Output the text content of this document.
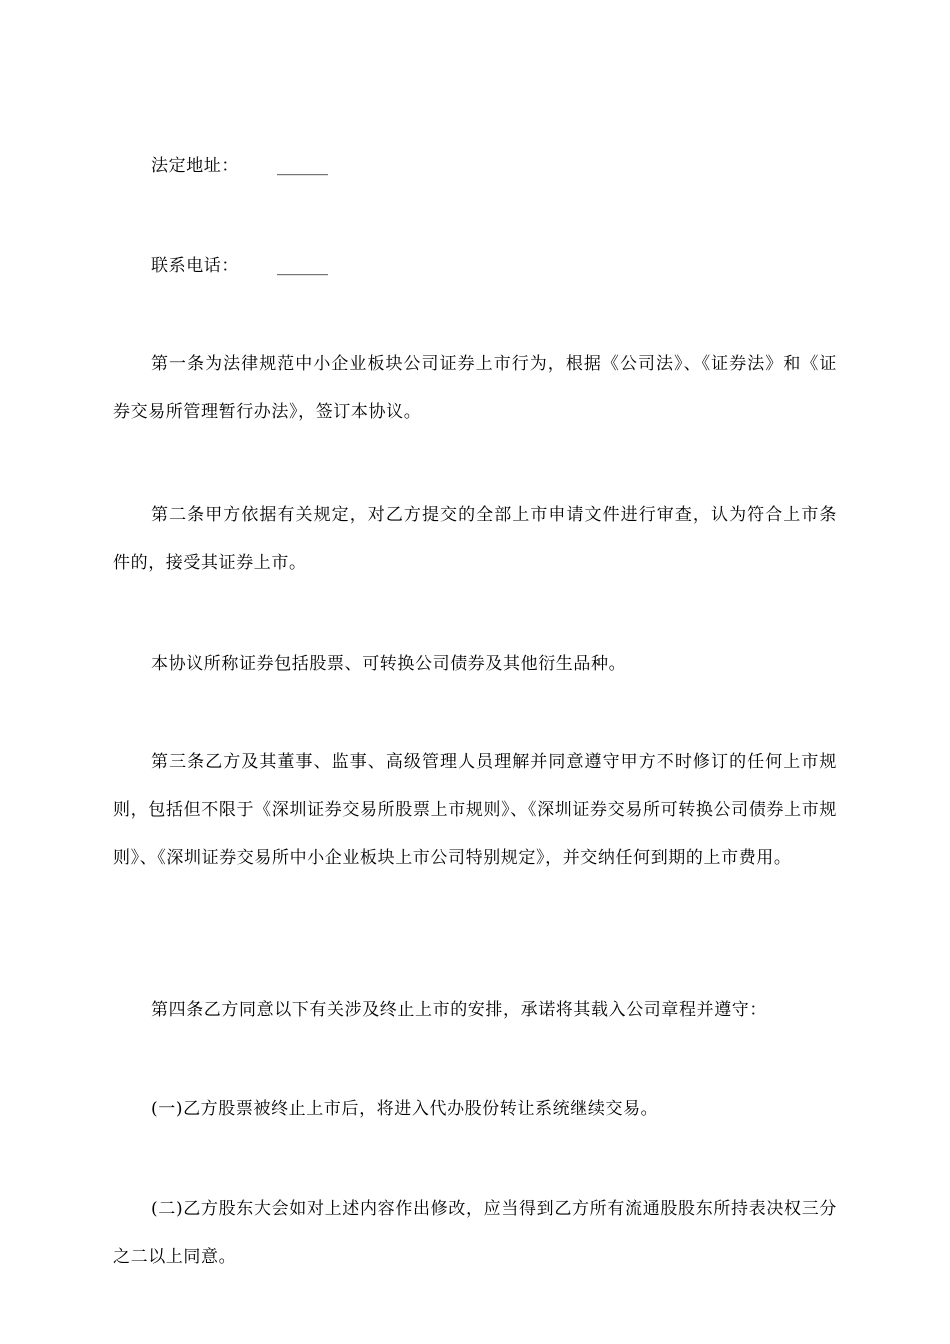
法定地址： ______

联系电话： ______

第一条为法律规范中小企业板块公司证券上市行为，根据《公司法》、《证券法》和《证券交易所管理暂行办法》，签订本协议。

第二条甲方依据有关规定，对乙方提交的全部上市申请文件进行审查，认为符合上市条件的，接受其证券上市。

本协议所称证券包括股票、可转换公司债券及其他衍生品种。

第三条乙方及其董事、监事、高级管理人员理解并同意遵守甲方不时修订的任何上市规则，包括但不限于《深圳证券交易所股票上市规则》、《深圳证券交易所可转换公司债券上市规则》、《深圳证券交易所中小企业板块上市公司特别规定》，并交纳任何到期的上市费用。

第四条乙方同意以下有关涉及终止上市的安排，承诺将其载入公司章程并遵守：

(一)乙方股票被终止上市后，将进入代办股份转让系统继续交易。

(二)乙方股东大会如对上述内容作出修改，应当得到乙方所有流通股股东所持表决权三分之二以上同意。
